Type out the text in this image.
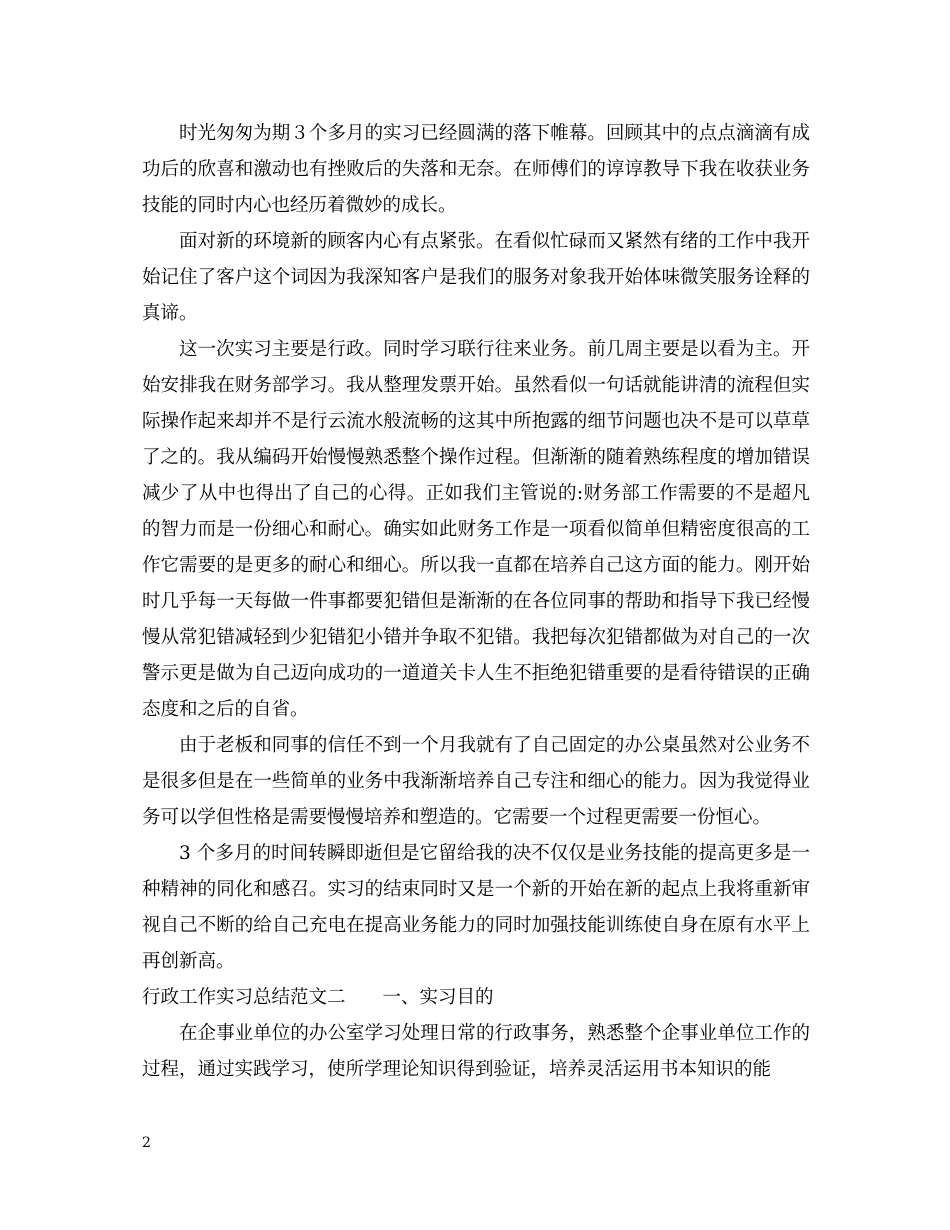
时光匆匆为期３个多月的实习已经圆满的落下帷幕。回顾其中的点点滴滴有成功后的欣喜和激动也有挫败后的失落和无奈。在师傅们的谆谆教导下我在收获业务技能的同时内心也经历着微妙的成长。

面对新的环境新的顾客内心有点紧张。在看似忙碌而又紧然有绪的工作中我开始记住了客户这个词因为我深知客户是我们的服务对象我开始体味微笑服务诠释的真谛。

这一次实习主要是行政。同时学习联行往来业务。前几周主要是以看为主。开始安排我在财务部学习。我从整理发票开始。虽然看似一句话就能讲清的流程但实际操作起来却并不是行云流水般流畅的这其中所抱露的细节问题也决不是可以草草了之的。我从编码开始慢慢熟悉整个操作过程。但渐渐的随着熟练程度的增加错误减少了从中也得出了自己的心得。正如我们主管说的:财务部工作需要的不是超凡的智力而是一份细心和耐心。确实如此财务工作是一项看似简单但精密度很高的工作它需要的是更多的耐心和细心。所以我一直都在培养自己这方面的能力。刚开始时几乎每一天每做一件事都要犯错但是渐渐的在各位同事的帮助和指导下我已经慢慢从常犯错减轻到少犯错犯小错并争取不犯错。我把每次犯错都做为对自己的一次警示更是做为自己迈向成功的一道道关卡人生不拒绝犯错重要的是看待错误的正确态度和之后的自省。

由于老板和同事的信任不到一个月我就有了自己固定的办公桌虽然对公业务不是很多但是在一些简单的业务中我渐渐培养自己专注和细心的能力。因为我觉得业务可以学但性格是需要慢慢培养和塑造的。它需要一个过程更需要一份恒心。

3 个多月的时间转瞬即逝但是它留给我的决不仅仅是业务技能的提高更多是一种精神的同化和感召。实习的结束同时又是一个新的开始在新的起点上我将重新审视自己不断的给自己充电在提高业务能力的同时加强技能训练使自身在原有水平上再创新高。

行政工作实习总结范文二　　一、实习目的

在企事业单位的办公室学习处理日常的行政事务，熟悉整个企事业单位工作的过程，通过实践学习，使所学理论知识得到验证，培养灵活运用书本知识的能

2
